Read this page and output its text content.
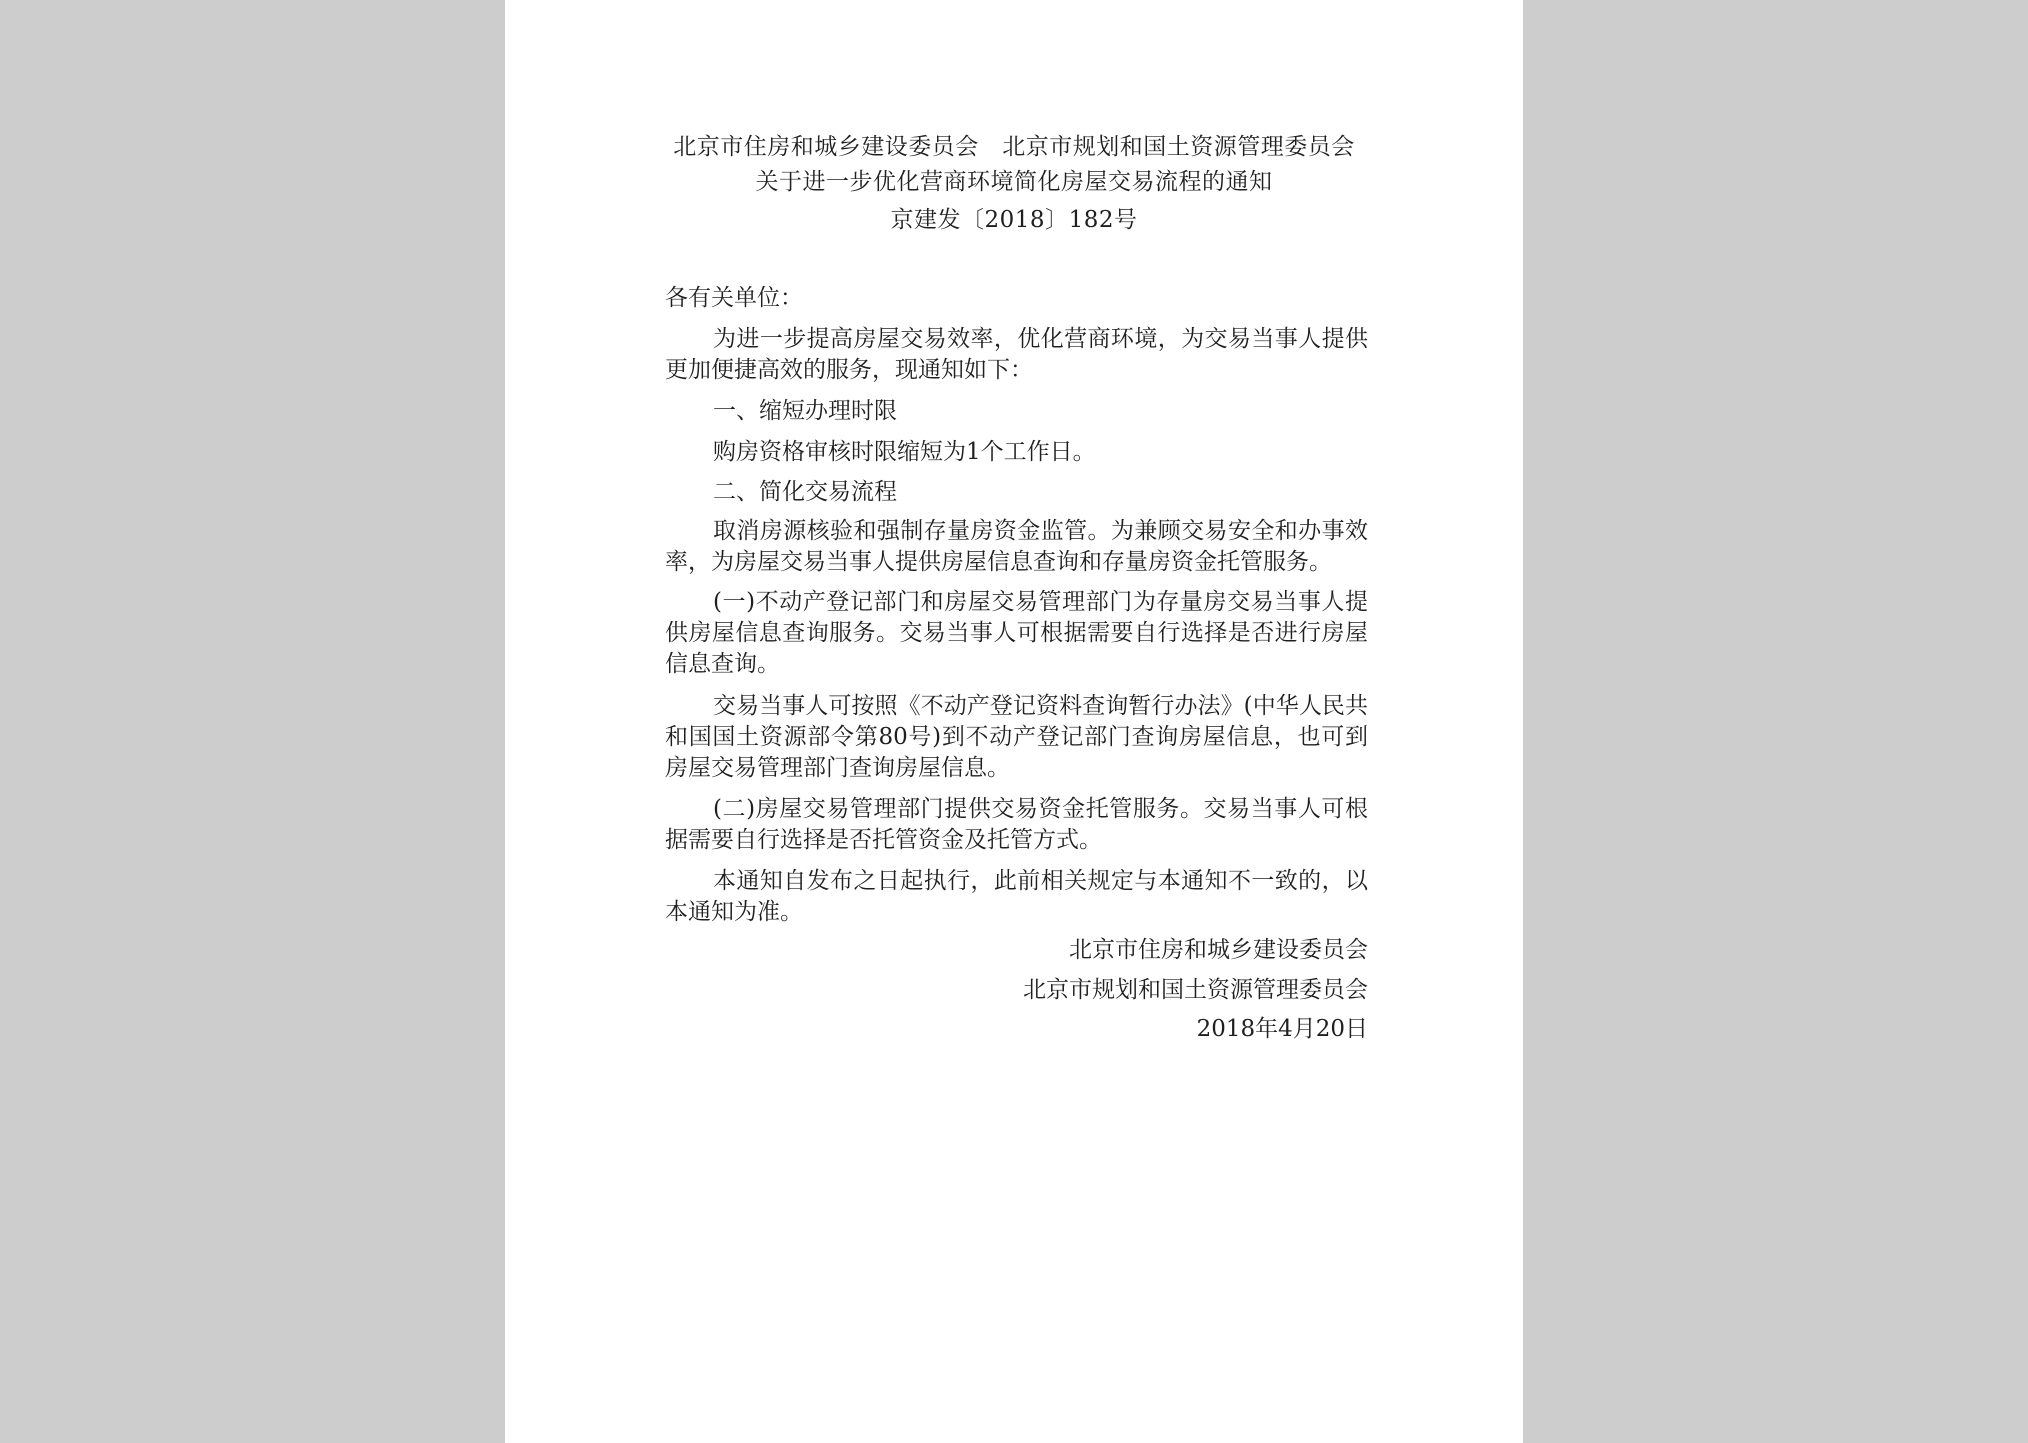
北京市住房和城乡建设委员会　北京市规划和国土资源管理委员会
关于进一步优化营商环境简化房屋交易流程的通知
京建发〔2018〕182号
各有关单位：

为进一步提高房屋交易效率，优化营商环境，为交易当事人提供更加便捷高效的服务，现通知如下：

一、缩短办理时限

购房资格审核时限缩短为1个工作日。

二、简化交易流程

取消房源核验和强制存量房资金监管。为兼顾交易安全和办事效率，为房屋交易当事人提供房屋信息查询和存量房资金托管服务。

(一)不动产登记部门和房屋交易管理部门为存量房交易当事人提供房屋信息查询服务。交易当事人可根据需要自行选择是否进行房屋信息查询。

交易当事人可按照《不动产登记资料查询暂行办法》(中华人民共和国国土资源部令第80号)到不动产登记部门查询房屋信息，也可到房屋交易管理部门查询房屋信息。

(二)房屋交易管理部门提供交易资金托管服务。交易当事人可根据需要自行选择是否托管资金及托管方式。

本通知自发布之日起执行，此前相关规定与本通知不一致的，以本通知为准。

北京市住房和城乡建设委员会
北京市规划和国土资源管理委员会
2018年4月20日
